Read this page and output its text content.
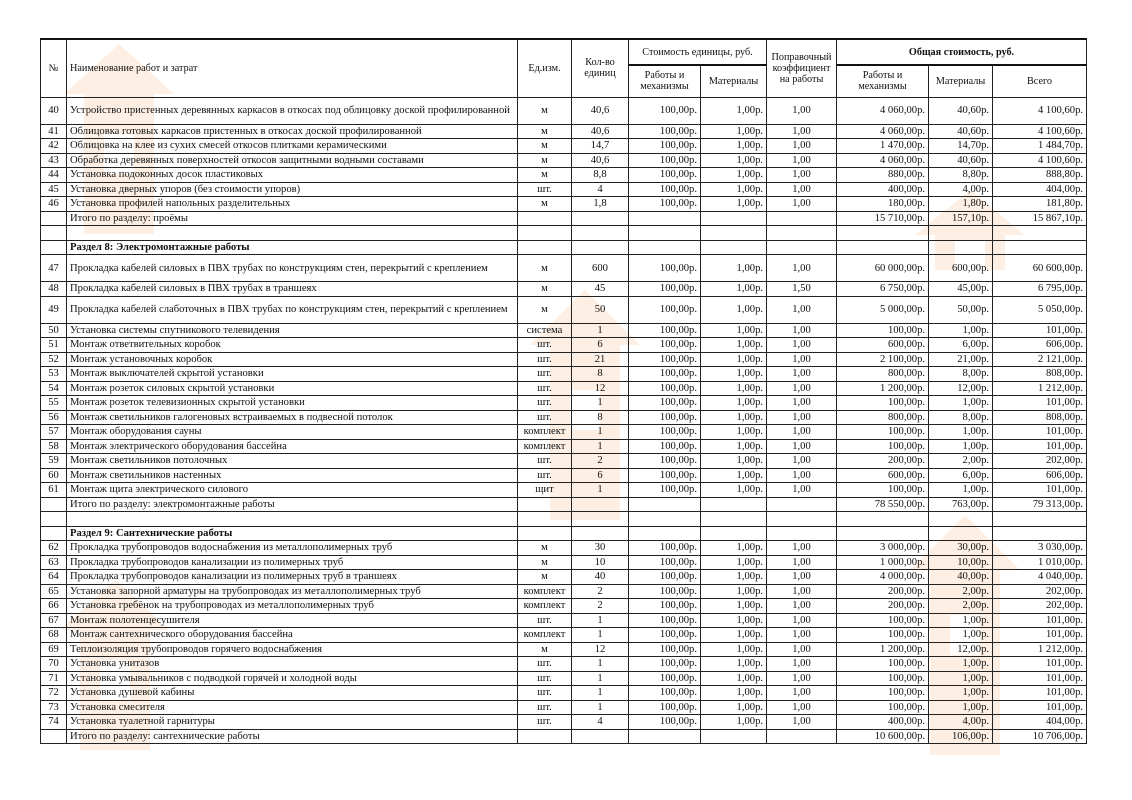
№	Наименование работ и затрат	Ед.изм.	Кол-во единиц	Стоимость единицы, руб.		Поправочный коэффициент на работы	Общая стоимость, руб.		
				Работы и механизмы	Материалы		Работы и механизмы	Материалы	Всего
40	Устройство пристенных деревянных каркасов в откосах под облицовку доской профилированной	м	40,6	100,00р.	1,00р.	1,00	4 060,00р.	40,60р.	4 100,60р.
41	Облицовка готовых каркасов пристенных в откосах доской профилированной	м	40,6	100,00р.	1,00р.	1,00	4 060,00р.	40,60р.	4 100,60р.
42	Облицовка на клее из сухих смесей откосов плитками керамическими	м	14,7	100,00р.	1,00р.	1,00	1 470,00р.	14,70р.	1 484,70р.
43	Обработка деревянных поверхностей откосов защитными водными составами	м	40,6	100,00р.	1,00р.	1,00	4 060,00р.	40,60р.	4 100,60р.
44	Установка подоконных досок пластиковых	м	8,8	100,00р.	1,00р.	1,00	880,00р.	8,80р.	888,80р.
45	Установка дверных упоров (без стоимости упоров)	шт.	4	100,00р.	1,00р.	1,00	400,00р.	4,00р.	404,00р.
46	Установка профилей напольных разделительных	м	1,8	100,00р.	1,00р.	1,00	180,00р.	1,80р.	181,80р.
	Итого по разделу: проёмы						15 710,00р.	157,10р.	15 867,10р.

	Раздел 8: Электромонтажные работы								
47	Прокладка кабелей силовых в ПВХ трубах по конструкциям стен, перекрытий с креплением	м	600	100,00р.	1,00р.	1,00	60 000,00р.	600,00р.	60 600,00р.
48	Прокладка кабелей силовых в ПВХ трубах в траншеях	м	45	100,00р.	1,00р.	1,50	6 750,00р.	45,00р.	6 795,00р.
49	Прокладка кабелей слаботочных в ПВХ трубах по конструкциям стен, перекрытий с креплением	м	50	100,00р.	1,00р.	1,00	5 000,00р.	50,00р.	5 050,00р.
50	Установка системы спутникового телевидения	система	1	100,00р.	1,00р.	1,00	100,00р.	1,00р.	101,00р.
51	Монтаж ответвительных коробок	шт.	6	100,00р.	1,00р.	1,00	600,00р.	6,00р.	606,00р.
52	Монтаж установочных коробок	шт.	21	100,00р.	1,00р.	1,00	2 100,00р.	21,00р.	2 121,00р.
53	Монтаж выключателей скрытой установки	шт.	8	100,00р.	1,00р.	1,00	800,00р.	8,00р.	808,00р.
54	Монтаж розеток силовых скрытой установки	шт.	12	100,00р.	1,00р.	1,00	1 200,00р.	12,00р.	1 212,00р.
55	Монтаж розеток телевизионных скрытой установки	шт.	1	100,00р.	1,00р.	1,00	100,00р.	1,00р.	101,00р.
56	Монтаж светильников галогеновых встраиваемых в подвесной потолок	шт.	8	100,00р.	1,00р.	1,00	800,00р.	8,00р.	808,00р.
57	Монтаж оборудования сауны	комплект	1	100,00р.	1,00р.	1,00	100,00р.	1,00р.	101,00р.
58	Монтаж электрического оборудования бассейна	комплект	1	100,00р.	1,00р.	1,00	100,00р.	1,00р.	101,00р.
59	Монтаж светильников потолочных	шт.	2	100,00р.	1,00р.	1,00	200,00р.	2,00р.	202,00р.
60	Монтаж светильников настенных	шт.	6	100,00р.	1,00р.	1,00	600,00р.	6,00р.	606,00р.
61	Монтаж щита электрического силового	щит	1	100,00р.	1,00р.	1,00	100,00р.	1,00р.	101,00р.
	Итого по разделу: электромонтажные работы						78 550,00р.	763,00р.	79 313,00р.

	Раздел 9: Сантехнические работы								
62	Прокладка трубопроводов водоснабжения из металлополимерных труб	м	30	100,00р.	1,00р.	1,00	3 000,00р.	30,00р.	3 030,00р.
63	Прокладка трубопроводов канализации из полимерных труб	м	10	100,00р.	1,00р.	1,00	1 000,00р.	10,00р.	1 010,00р.
64	Прокладка трубопроводов канализации из полимерных труб в траншеях	м	40	100,00р.	1,00р.	1,00	4 000,00р.	40,00р.	4 040,00р.
65	Установка запорной арматуры на трубопроводах из металлополимерных труб	комплект	2	100,00р.	1,00р.	1,00	200,00р.	2,00р.	202,00р.
66	Установка гребёнок на трубопроводах из металлополимерных труб	комплект	2	100,00р.	1,00р.	1,00	200,00р.	2,00р.	202,00р.
67	Монтаж полотенцесушителя	шт.	1	100,00р.	1,00р.	1,00	100,00р.	1,00р.	101,00р.
68	Монтаж сантехнического оборудования бассейна	комплект	1	100,00р.	1,00р.	1,00	100,00р.	1,00р.	101,00р.
69	Теплоизоляция трубопроводов горячего водоснабжения	м	12	100,00р.	1,00р.	1,00	1 200,00р.	12,00р.	1 212,00р.
70	Установка унитазов	шт.	1	100,00р.	1,00р.	1,00	100,00р.	1,00р.	101,00р.
71	Установка умывальников с подводкой горячей и холодной воды	шт.	1	100,00р.	1,00р.	1,00	100,00р.	1,00р.	101,00р.
72	Установка душевой кабины	шт.	1	100,00р.	1,00р.	1,00	100,00р.	1,00р.	101,00р.
73	Установка смесителя	шт.	1	100,00р.	1,00р.	1,00	100,00р.	1,00р.	101,00р.
74	Установка туалетной гарнитуры	шт.	4	100,00р.	1,00р.	1,00	400,00р.	4,00р.	404,00р.
	Итого по разделу: сантехнические работы						10 600,00р.	106,00р.	10 706,00р.
